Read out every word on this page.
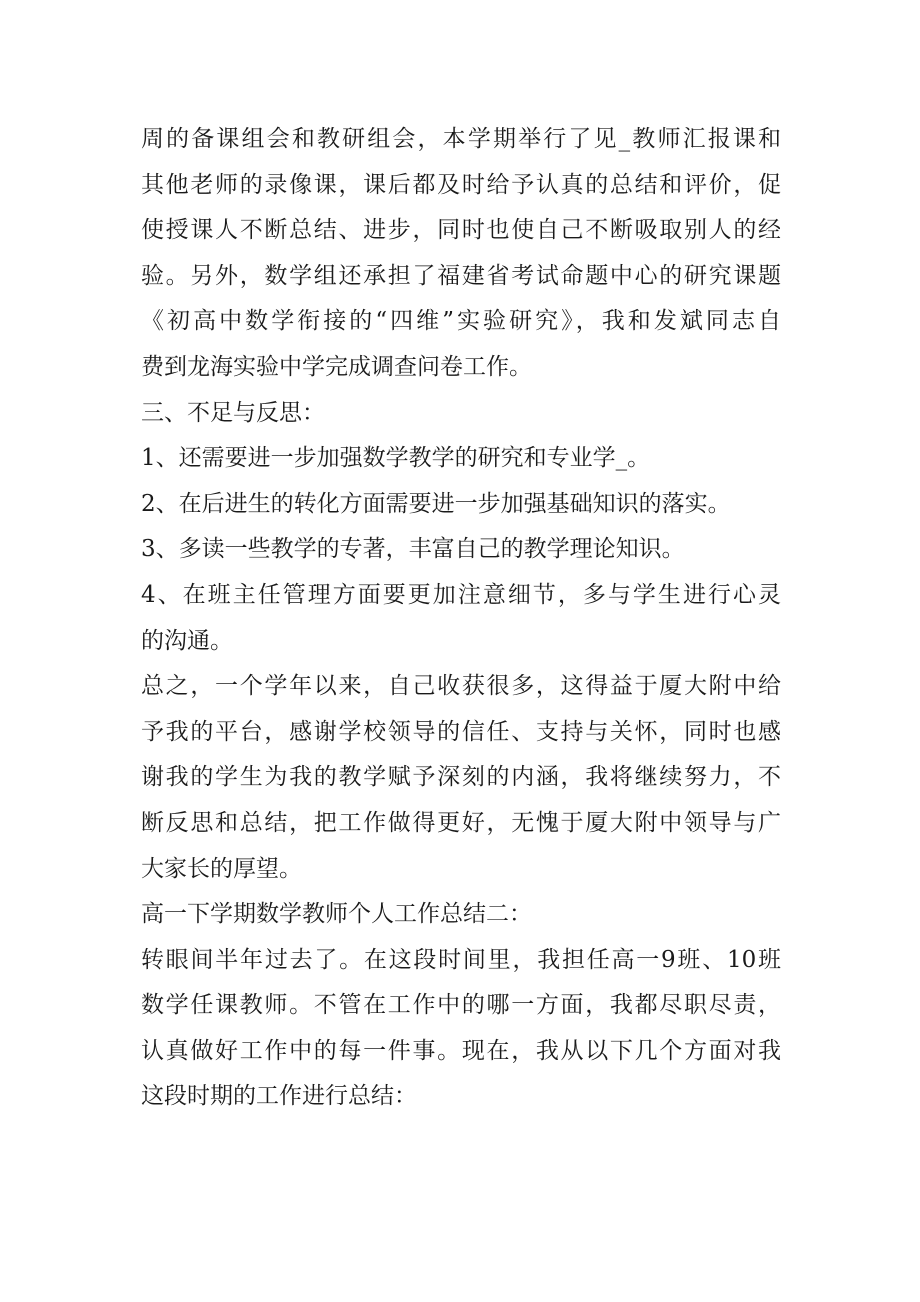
周的备课组会和教研组会，本学期举行了见_教师汇报课和
其他老师的录像课，课后都及时给予认真的总结和评价，促
使授课人不断总结、进步，同时也使自己不断吸取别人的经
验。另外，数学组还承担了福建省考试命题中心的研究课题
《初高中数学衔接的“四维”实验研究》，我和发斌同志自
费到龙海实验中学完成调查问卷工作。
三、不足与反思：
1、还需要进一步加强数学教学的研究和专业学_。
2、在后进生的转化方面需要进一步加强基础知识的落实。
3、多读一些教学的专著，丰富自己的教学理论知识。
4、在班主任管理方面要更加注意细节，多与学生进行心灵
的沟通。
总之，一个学年以来，自己收获很多，这得益于厦大附中给
予我的平台，感谢学校领导的信任、支持与关怀，同时也感
谢我的学生为我的教学赋予深刻的内涵，我将继续努力，不
断反思和总结，把工作做得更好，无愧于厦大附中领导与广
大家长的厚望。
高一下学期数学教师个人工作总结二：
转眼间半年过去了。在这段时间里，我担任高一9班、10班
数学任课教师。不管在工作中的哪一方面，我都尽职尽责，
认真做好工作中的每一件事。现在，我从以下几个方面对我
这段时期的工作进行总结：
